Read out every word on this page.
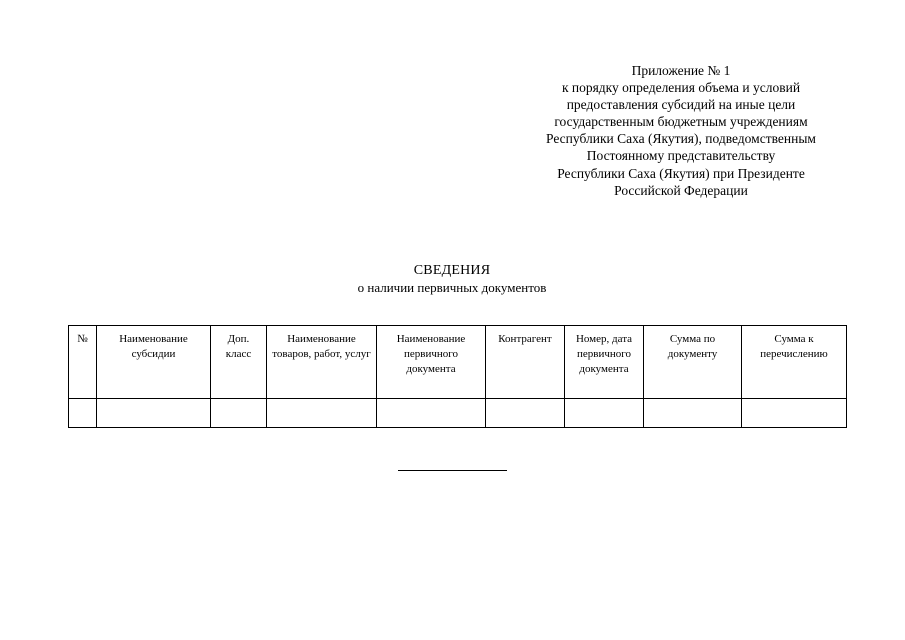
Приложение № 1
к порядку определения объема и условий
предоставления субсидий на иные цели
государственным бюджетным учреждениям
Республики Саха (Якутия), подведомственным
Постоянному представительству
Республики Саха (Якутия) при Президенте
Российской Федерации
СВЕДЕНИЯ
о наличии первичных документов
№	Наименование субсидии	Доп. класс	Наименование товаров, работ, услуг	Наименование первичного документа	Контрагент	Номер, дата первичного документа	Сумма по документу	Сумма к перечислению
